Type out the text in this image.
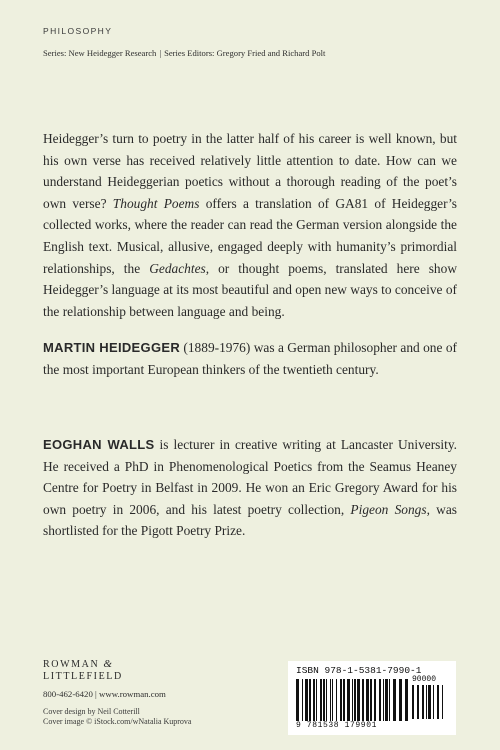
PHILOSOPHY
Series: New Heidegger Research | Series Editors: Gregory Fried and Richard Polt

Heidegger’s turn to poetry in the latter half of his career is well known, but his own verse has received relatively little attention to date. How can we understand Heideggerian poetics without a thorough reading of the poet’s own verse? Thought Poems offers a translation of GA81 of Heidegger’s collected works, where the reader can read the German version alongside the English text. Musical, allusive, engaged deeply with humanity’s primordial relationships, the Gedachtes, or thought poems, translated here show Heidegger’s language at its most beautiful and open new ways to conceive of the relationship between language and being.

MARTIN HEIDEGGER (1889-1976) was a German philosopher and one of the most important European thinkers of the twentieth century.

EOGHAN WALLS is lecturer in creative writing at Lancaster University. He received a PhD in Phenomenological Poetics from the Seamus Heaney Centre for Poetry in Belfast in 2009. He won an Eric Gregory Award for his own poetry in 2006, and his latest poetry collection, Pigeon Songs, was shortlisted for the Pigott Poetry Prize.

ROWMAN &
LITTLEFIELD
800-462-6420 | www.rowman.com
Cover design by Neil Cotterill
Cover image © iStock.com/wNatalia Kuprova
ISBN 978-1-5381-7990-1
90000
9 781538 179901
